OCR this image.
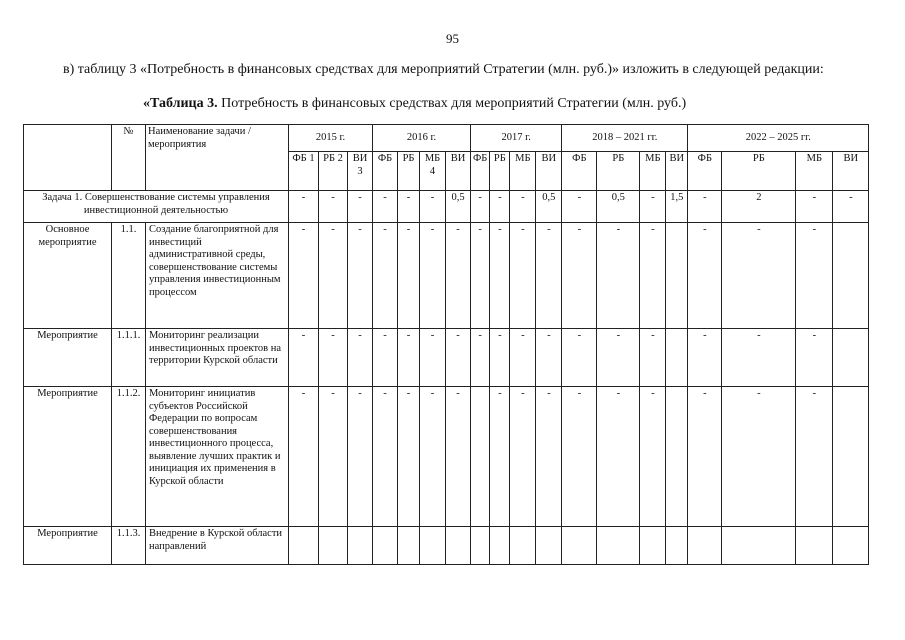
95
в) таблицу 3 «Потребность в финансовых средствах для мероприятий Стратегии (млн. руб.)» изложить в следующей редакции:
«Таблица 3. Потребность в финансовых средствах для мероприятий Стратегии (млн. руб.)
	№	Наименование задачи / мероприятия	2015 г.			2016 г.				2017 г.				2018 – 2021 гг.				2022 – 2025 гг.			
			ФБ 1	РБ 2	ВИ 3	ФБ	РБ	МБ 4	ВИ	ФБ	РБ	МБ	ВИ	ФБ	РБ	МБ	ВИ	ФБ	РБ	МБ	ВИ
Задача 1. Совершенствование системы управления инвестиционной деятельностью			-	-	-	-	-	-	0,5	-	-	-	0,5	-	0,5	-	1,5	-	2	-	-
Основное мероприятие	1.1.	Создание благоприятной для инвестиций административной среды, совершенствование системы управления инвестиционным процессом	-	-	-	-	-	-	-	-	-	-	-	-	-	-		-	-	-	
Мероприятие	1.1.1.	Мониторинг реализации инвестиционных проектов на территории Курской области	-	-	-	-	-	-	-	-	-	-	-	-	-	-		-	-	-	
Мероприятие	1.1.2.	Мониторинг инициатив субъектов Российской Федерации по вопросам совершенствования инвестиционного процесса, выявление лучших практик и инициация их применения в Курской области	-	-	-	-	-	-	-		-	-	-	-	-	-		-	-	-	
Мероприятие	1.1.3.	Внедрение в Курской области направлений																			
